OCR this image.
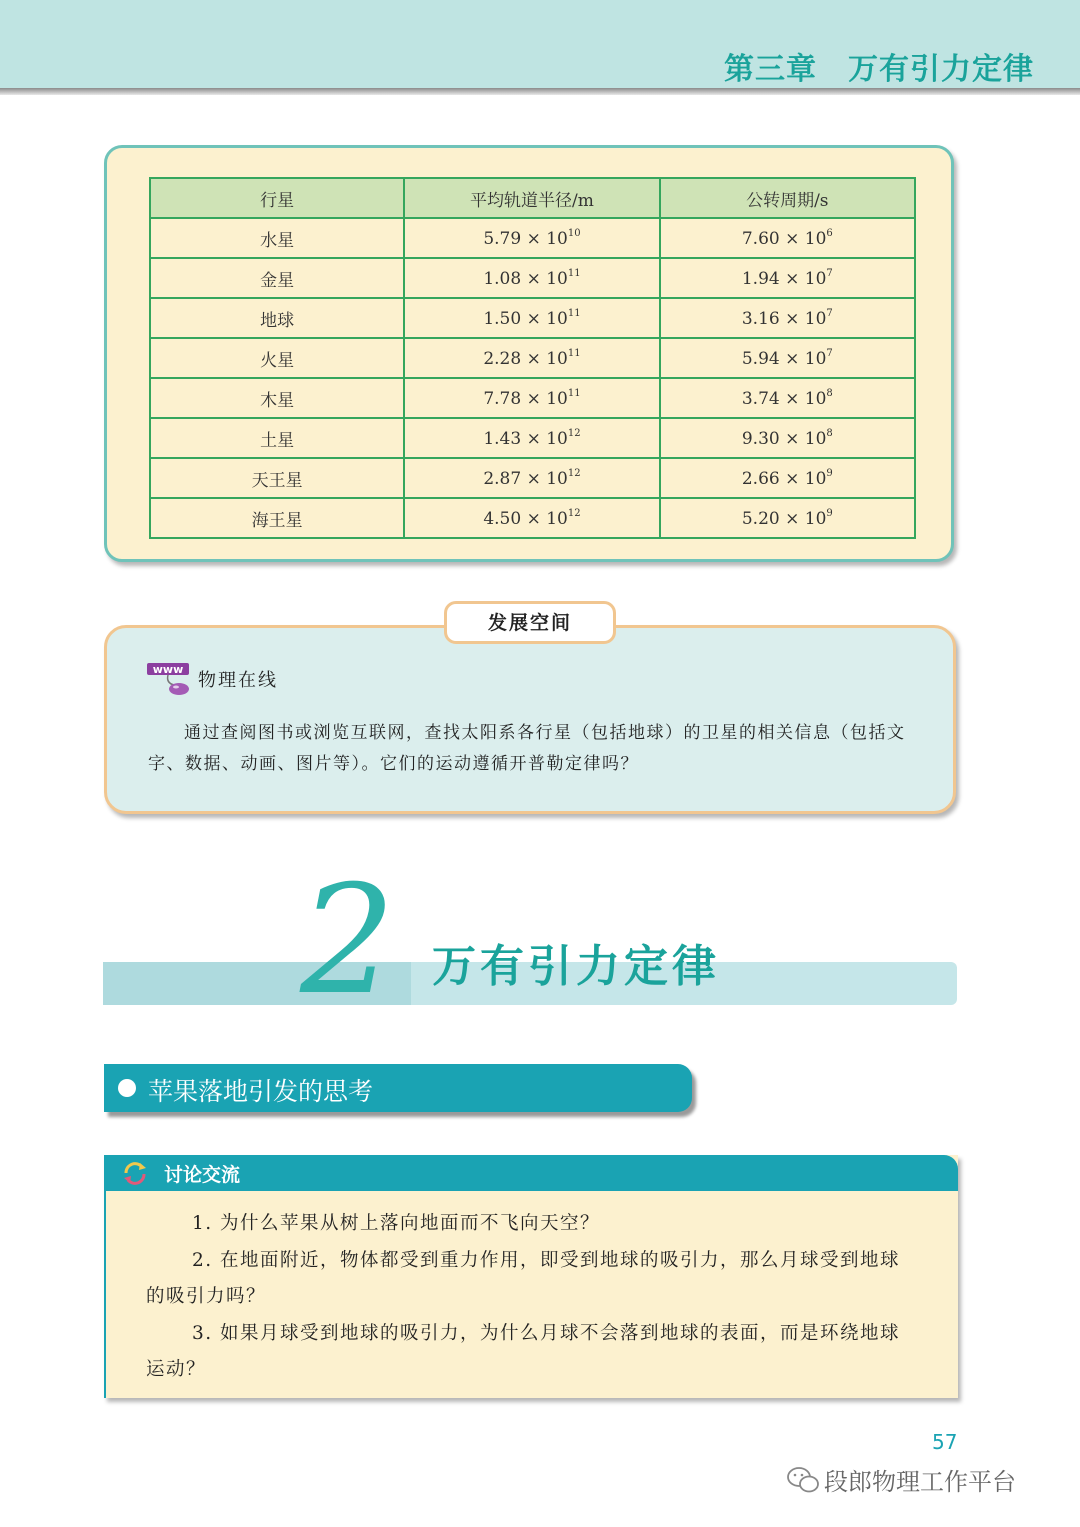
第三章　万有引力定律
行星	平均轨道半径/m	公转周期/s
水星	$5.79 \times 10^{10}$	$7.60 \times 10^6$
金星	$1.08 \times 10^{11}$	$1.94 \times 10^7$
地球	$1.50 \times 10^{11}$	$3.16 \times 10^7$
火星	$2.28 \times 10^{11}$	$5.94 \times 10^7$
木星	$7.78 \times 10^{11}$	$3.74 \times 10^8$
土星	$1.43 \times 10^{12}$	$9.30 \times 10^8$
天王星	$2.87 \times 10^{12}$	$2.66 \times 10^9$
海王星	$4.50 \times 10^{12}$	$5.20 \times 10^9$
发展空间
www
物理在线
通过查阅图书或浏览互联网，查找太阳系各行星（包括地球）的卫星的相关信息（包括文字、数据、动画、图片等）。它们的运动遵循开普勒定律吗？
2 万有引力定律
苹果落地引发的思考
讨论交流

1. 为什么苹果从树上落向地面而不飞向天空？

2. 在地面附近，物体都受到重力作用，即受到地球的吸引力，那么月球受到地球的吸引力吗？

3. 如果月球受到地球的吸引力，为什么月球不会落到地球的表面，而是环绕地球运动？

57
段郎物理工作平台
